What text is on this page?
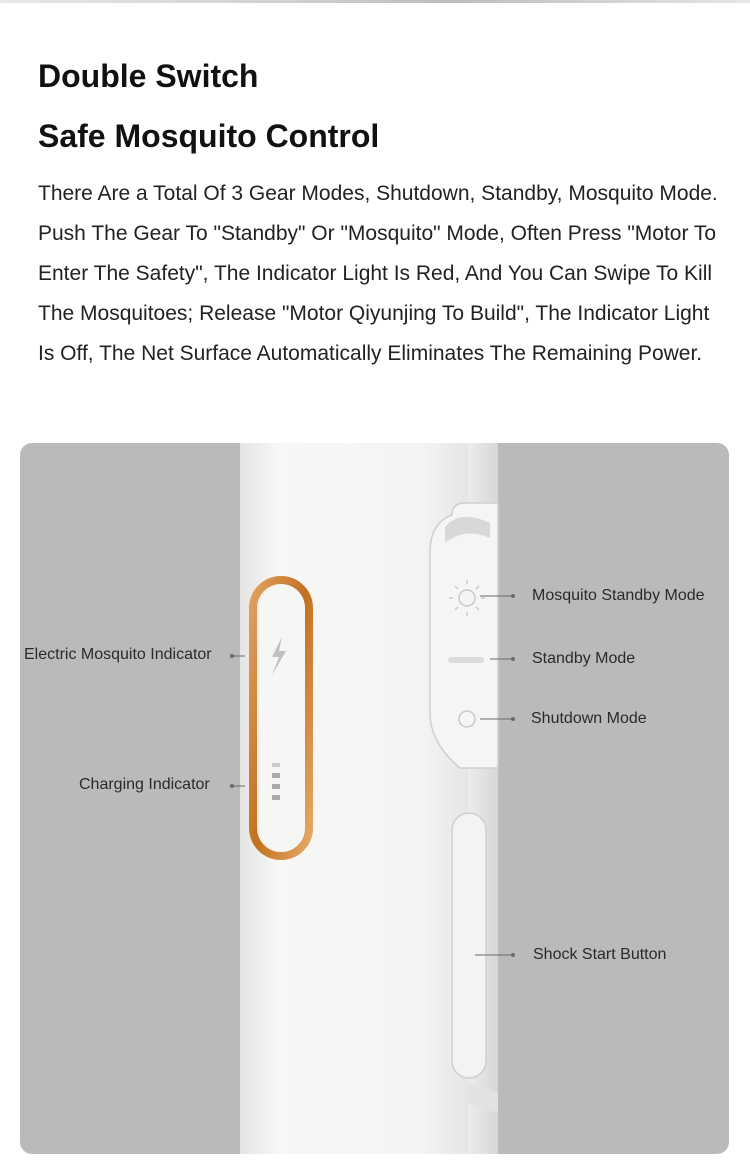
Double Switch
Safe Mosquito Control

There Are a Total Of 3 Gear Modes, Shutdown, Standby, Mosquito Mode. Push The Gear To "Standby" Or "Mosquito" Mode, Often Press "Motor To Enter The Safety", The Indicator Light Is Red, And You Can Swipe To Kill The Mosquitoes; Release "Motor Qiyunjing To Build", The Indicator Light Is Off, The Net Surface Automatically Eliminates The Remaining Power.

Electric Mosquito Indicator
Charging Indicator
Mosquito Standby Mode
Standby Mode
Shutdown Mode
Shock Start Button
